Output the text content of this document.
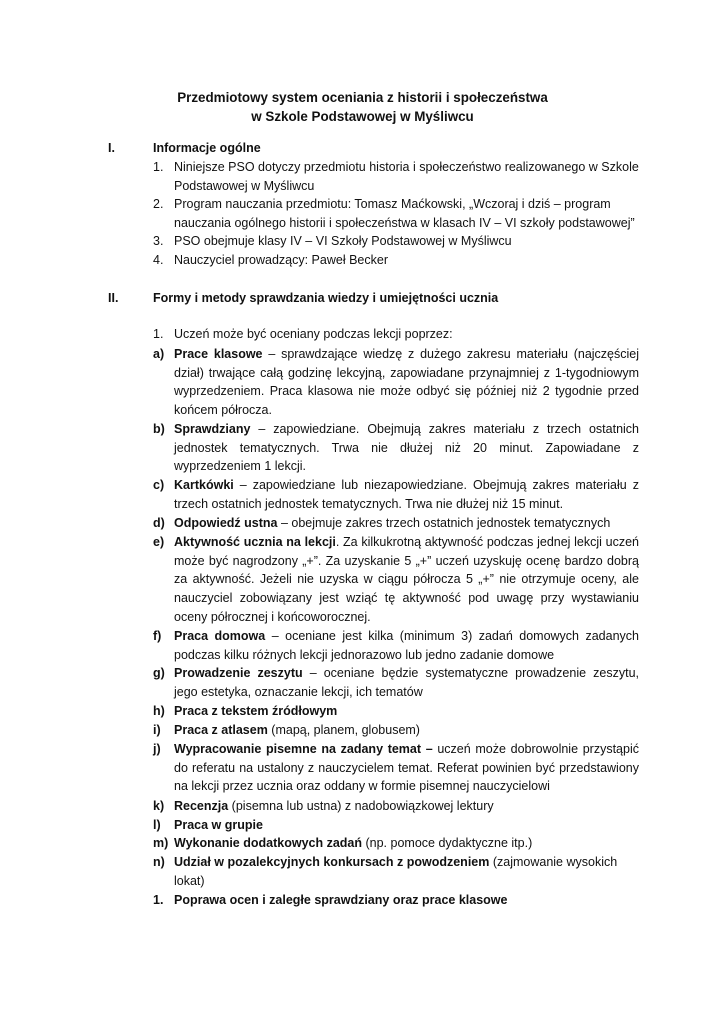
Przedmiotowy system oceniania z historii i społeczeństwa
w Szkole Podstawowej w Myśliwcu
I.	Informacje ogólne
1. Niniejsze PSO dotyczy przedmiotu historia i społeczeństwo realizowanego w Szkole Podstawowej w Myśliwcu
2. Program nauczania przedmiotu: Tomasz Maćkowski, „Wczoraj i dziś – program nauczania ogólnego historii i społeczeństwa w klasach IV – VI szkoły podstawowej”
3. PSO obejmuje klasy IV – VI Szkoły Podstawowej w Myśliwcu
4. Nauczyciel prowadzący: Paweł Becker
II.	Formy i metody sprawdzania wiedzy i umiejętności ucznia
1. Uczeń może być oceniany podczas lekcji poprzez:
a) Prace klasowe – sprawdzające wiedzę z dużego zakresu materiału (najczęściej dział) trwające całą godzinę lekcyjną, zapowiadane przynajmniej z 1-tygodniowym wyprzedzeniem. Praca klasowa nie może odbyć się później niż 2 tygodnie przed końcem półrocza.
b) Sprawdziany – zapowiedziane. Obejmują zakres materiału z trzech ostatnich jednostek tematycznych. Trwa nie dłużej niż 20 minut. Zapowiadane z wyprzedzeniem 1 lekcji.
c) Kartkówki – zapowiedziane lub niezapowiedziane. Obejmują zakres materiału z trzech ostatnich jednostek tematycznych. Trwa nie dłużej niż 15 minut.
d) Odpowiedź ustna – obejmuje zakres trzech ostatnich jednostek tematycznych
e) Aktywność ucznia na lekcji. Za kilkukrotną aktywność podczas jednej lekcji uczeń może być nagrodzony „+”. Za uzyskanie 5 „+” uczeń uzyskuję ocenę bardzo dobrą za aktywność. Jeżeli nie uzyska w ciągu półrocza 5 „+” nie otrzymuje oceny, ale nauczyciel zobowiązany jest wziąć tę aktywność pod uwagę przy wystawianiu oceny półrocznej i końcoworocznej.
f)	Praca domowa – oceniane jest kilka (minimum 3) zadań domowych zadanych podczas kilku różnych lekcji jednorazowo lub jedno zadanie domowe
g) Prowadzenie zeszytu – oceniane będzie systematyczne prowadzenie zeszytu, jego estetyka, oznaczanie lekcji, ich tematów
h) Praca z tekstem źródłowym
i)	Praca z atlasem (mapą, planem, globusem)
j)	Wypracowanie pisemne na zadany temat – uczeń może dobrowolnie przystąpić do referatu na ustalony z nauczycielem temat. Referat powinien być przedstawiony na lekcji przez ucznia oraz oddany w formie pisemnej nauczycielowi
k) Recenzja (pisemna lub ustna) z nadobowiązkowej lektury
l)	Praca w grupie
m) Wykonanie dodatkowych zadań (np. pomoce dydaktyczne itp.)
n) Udział w pozalekcyjnych konkursach z powodzeniem (zajmowanie wysokich lokat)
1. Poprawa ocen i zaległe sprawdziany oraz prace klasowe
